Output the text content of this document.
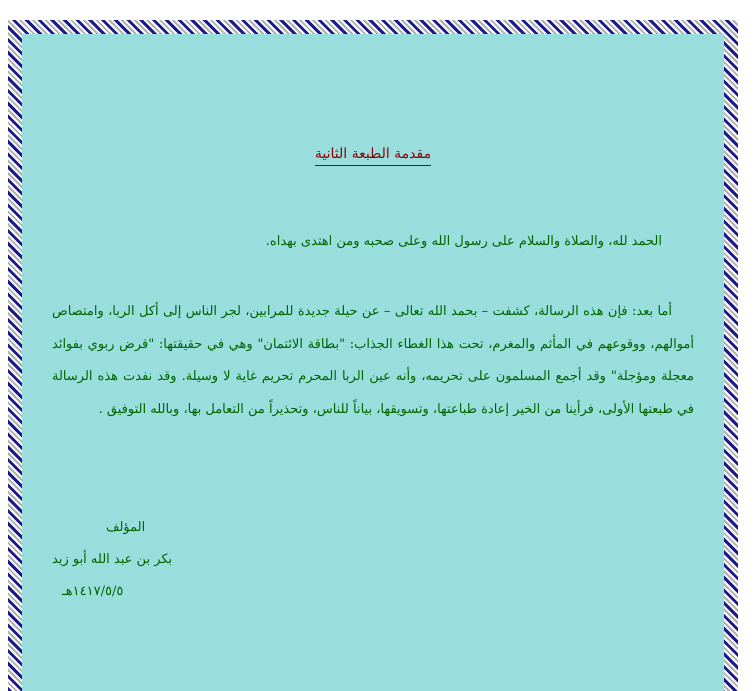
مقدمة الطبعة الثانية
الحمد لله، والصلاة والسلام على رسول الله وعلى صحبه ومن اهتدى بهداه.
أما بعد: فإن هذه الرسالة، كشفت – بحمد الله تعالى – عن حيلة جديدة للمرابين، لجر الناس إلى أكل الربا، وامتصاص أموالهم، ووقوعهم في المأثم والمغرم، تحت هذا الغطاء الجذاب: "بطاقة الائتمان" وهي في حقيقتها: "قرض ربوي بفوائد معجلة ومؤجلة" وقد أجمع المسلمون على تحريمه، وأنه عين الربا المحرم تحريم غاية لا وسيلة. وقد نفدت هذه الرسالة في طبعتها الأولى، فرأينا من الخير إعادة طباعتها، وتسويقها، بياناً للناس، وتحذيراً من التعامل بها، وبالله التوفيق .
المؤلف
بكر بن عبد الله أبو زيد
١٤١٧/٥/٥هـ
